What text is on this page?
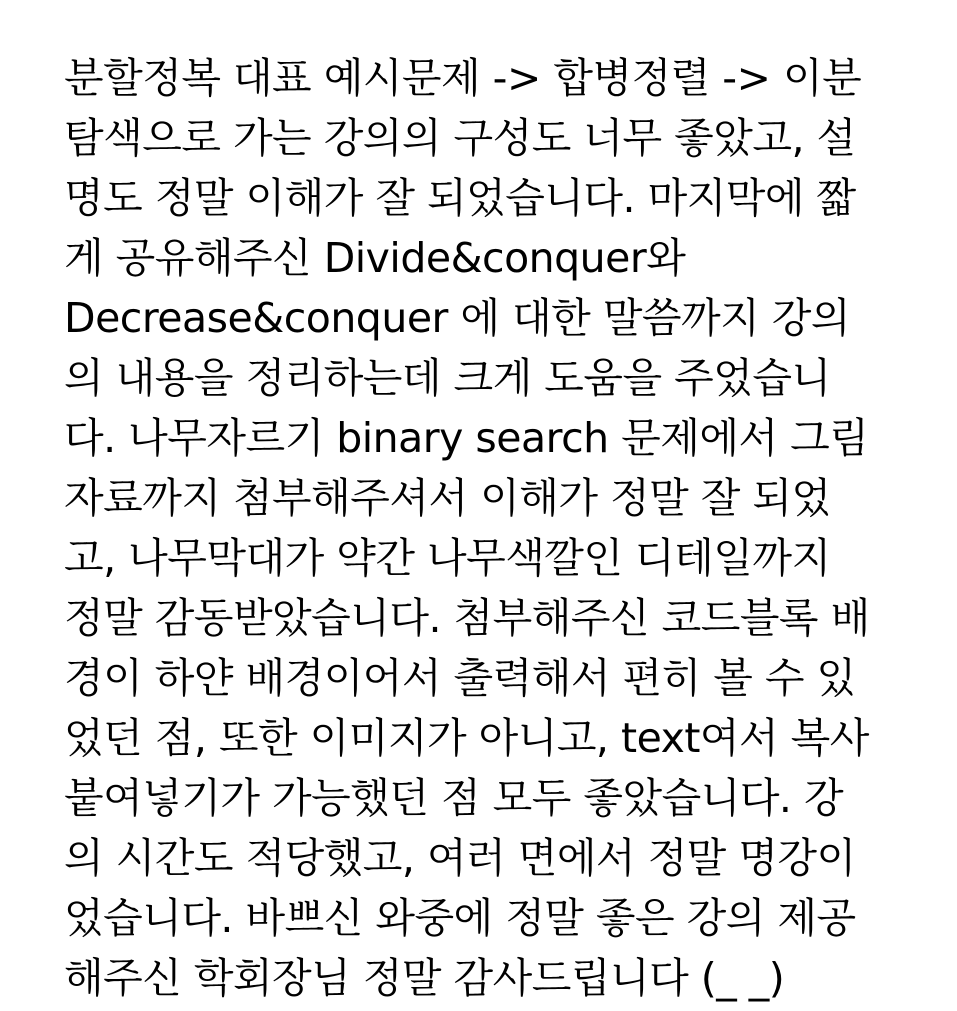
분할정복 대표 예시문제 -> 합병정렬 -> 이분
탐색으로 가는 강의의 구성도 너무 좋았고, 설
명도 정말 이해가 잘 되었습니다. 마지막에 짧
게 공유해주신 Divide&conquer와
Decrease&conquer 에 대한 말씀까지 강의
의 내용을 정리하는데 크게 도움을 주었습니
다. 나무자르기 binary search 문제에서 그림
자료까지 첨부해주셔서 이해가 정말 잘 되었
고, 나무막대가 약간 나무색깔인 디테일까지
정말 감동받았습니다. 첨부해주신 코드블록 배
경이 하얀 배경이어서 출력해서 편히 볼 수 있
었던 점, 또한 이미지가 아니고, text여서 복사
붙여넣기가 가능했던 점 모두 좋았습니다. 강
의 시간도 적당했고, 여러 면에서 정말 명강이
었습니다. 바쁘신 와중에 정말 좋은 강의 제공
해주신 학회장님 정말 감사드립니다 (_ _)
